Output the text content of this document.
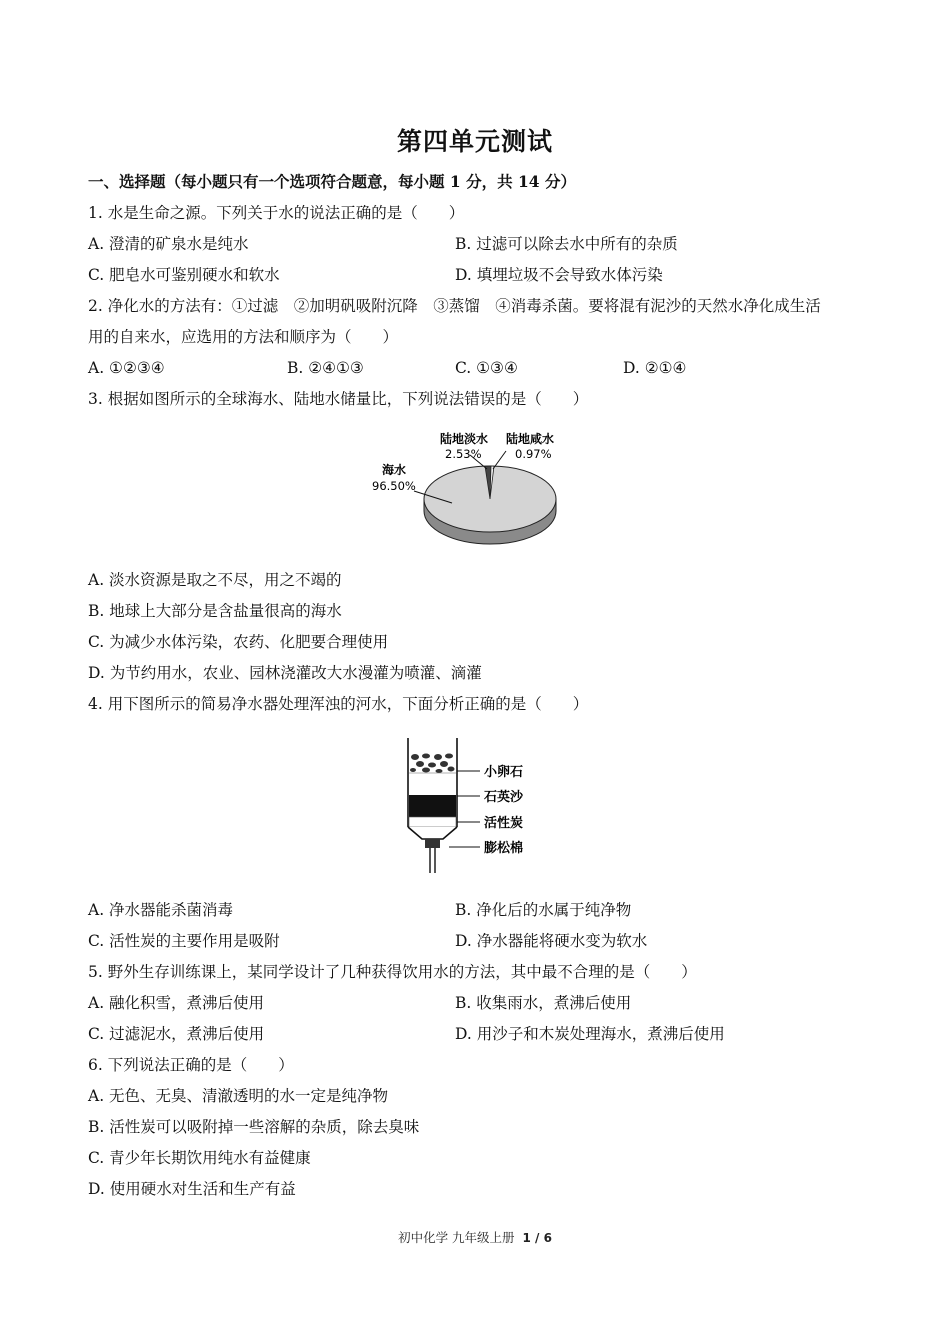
第四单元测试
一、选择题（每小题只有一个选项符合题意，每小题 1 分，共 14 分）
1. 水是生命之源。下列关于水的说法正确的是（　　）
A. 澄清的矿泉水是纯水	B. 过滤可以除去水中所有的杂质
C. 肥皂水可鉴别硬水和软水	D. 填埋垃圾不会导致水体污染
2. 净化水的方法有：①过滤　②加明矾吸附沉降　③蒸馏　④消毒杀菌。要将混有泥沙的天然水净化成生活
用的自来水，应选用的方法和顺序为（　　）
A. ①②③④	B. ②④①③	C. ①③④	D. ②①④
3. 根据如图所示的全球海水、陆地水储量比，下列说法错误的是（　　）
陆地淡水
2.53%
陆地咸水
0.97%
海水
96.50%
A. 淡水资源是取之不尽，用之不竭的
B. 地球上大部分是含盐量很高的海水
C. 为减少水体污染，农药、化肥要合理使用
D. 为节约用水，农业、园林浇灌改大水漫灌为喷灌、滴灌
4. 用下图所示的简易净水器处理浑浊的河水，下面分析正确的是（　　）
小卵石
石英沙
活性炭
膨松棉
A. 净水器能杀菌消毒	B. 净化后的水属于纯净物
C. 活性炭的主要作用是吸附	D. 净水器能将硬水变为软水
5. 野外生存训练课上，某同学设计了几种获得饮用水的方法，其中最不合理的是（　　）
A. 融化积雪，煮沸后使用	B. 收集雨水，煮沸后使用
C. 过滤泥水，煮沸后使用	D. 用沙子和木炭处理海水，煮沸后使用
6. 下列说法正确的是（　　）
A. 无色、无臭、清澈透明的水一定是纯净物
B. 活性炭可以吸附掉一些溶解的杂质，除去臭味
C. 青少年长期饮用纯水有益健康
D. 使用硬水对生活和生产有益
初中化学 九年级上册 1 / 6
